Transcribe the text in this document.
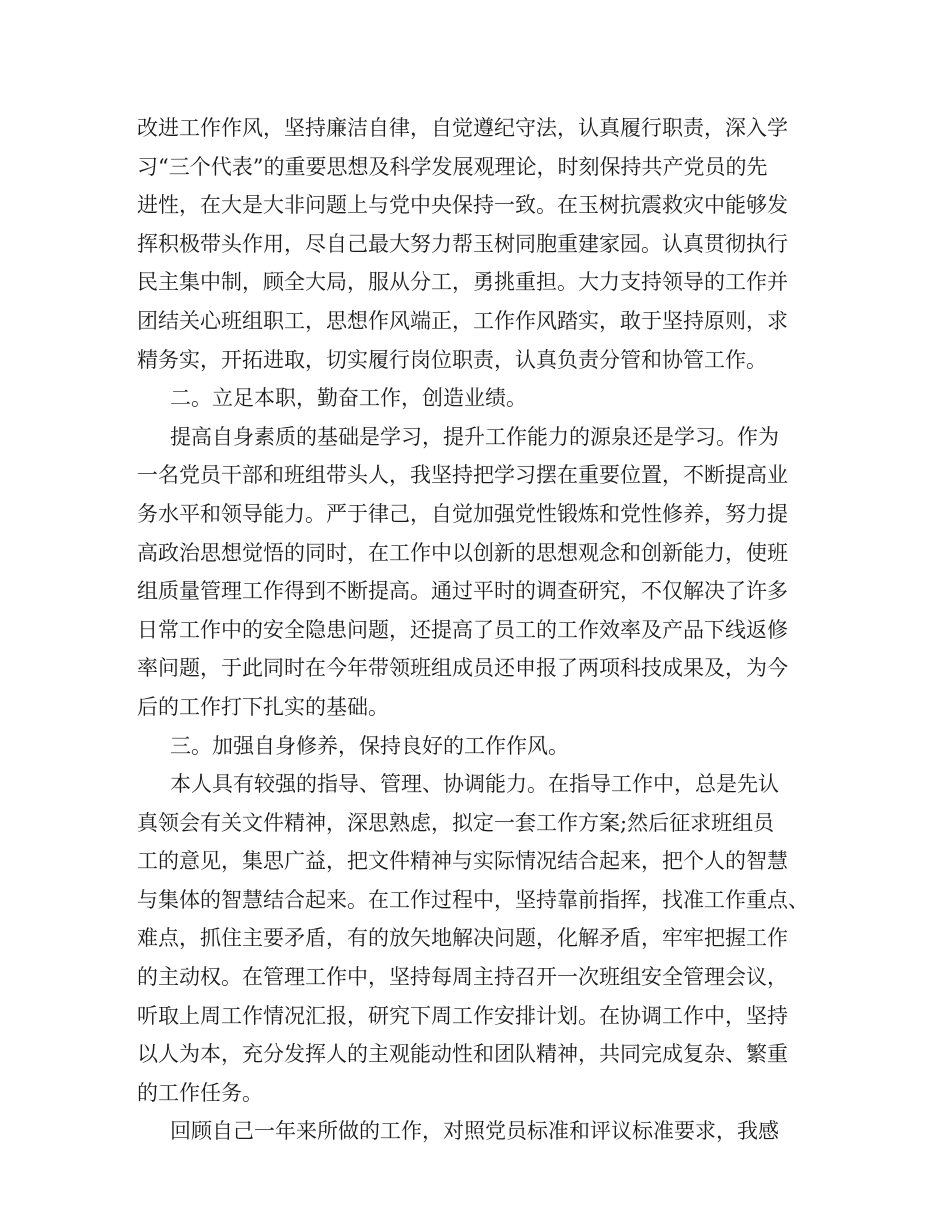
改进工作作风，坚持廉洁自律，自觉遵纪守法，认真履行职责，深入学
习“三个代表”的重要思想及科学发展观理论，时刻保持共产党员的先
进性，在大是大非问题上与党中央保持一致。在玉树抗震救灾中能够发
挥积极带头作用，尽自己最大努力帮玉树同胞重建家园。认真贯彻执行
民主集中制，顾全大局，服从分工，勇挑重担。大力支持领导的工作并
团结关心班组职工，思想作风端正，工作作风踏实，敢于坚持原则，求
精务实，开拓进取，切实履行岗位职责，认真负责分管和协管工作。
二。立足本职，勤奋工作，创造业绩。
提高自身素质的基础是学习，提升工作能力的源泉还是学习。作为
一名党员干部和班组带头人，我坚持把学习摆在重要位置，不断提高业
务水平和领导能力。严于律己，自觉加强党性锻炼和党性修养，努力提
高政治思想觉悟的同时，在工作中以创新的思想观念和创新能力，使班
组质量管理工作得到不断提高。通过平时的调查研究，不仅解决了许多
日常工作中的安全隐患问题，还提高了员工的工作效率及产品下线返修
率问题，于此同时在今年带领班组成员还申报了两项科技成果及，为今
后的工作打下扎实的基础。
三。加强自身修养，保持良好的工作作风。
本人具有较强的指导、管理、协调能力。在指导工作中，总是先认
真领会有关文件精神，深思熟虑，拟定一套工作方案;然后征求班组员
工的意见，集思广益，把文件精神与实际情况结合起来，把个人的智慧
与集体的智慧结合起来。在工作过程中，坚持靠前指挥，找准工作重点、
难点，抓住主要矛盾，有的放矢地解决问题，化解矛盾，牢牢把握工作
的主动权。在管理工作中，坚持每周主持召开一次班组安全管理会议，
听取上周工作情况汇报，研究下周工作安排计划。在协调工作中，坚持
以人为本，充分发挥人的主观能动性和团队精神，共同完成复杂、繁重
的工作任务。
回顾自己一年来所做的工作，对照党员标准和评议标准要求，我感
